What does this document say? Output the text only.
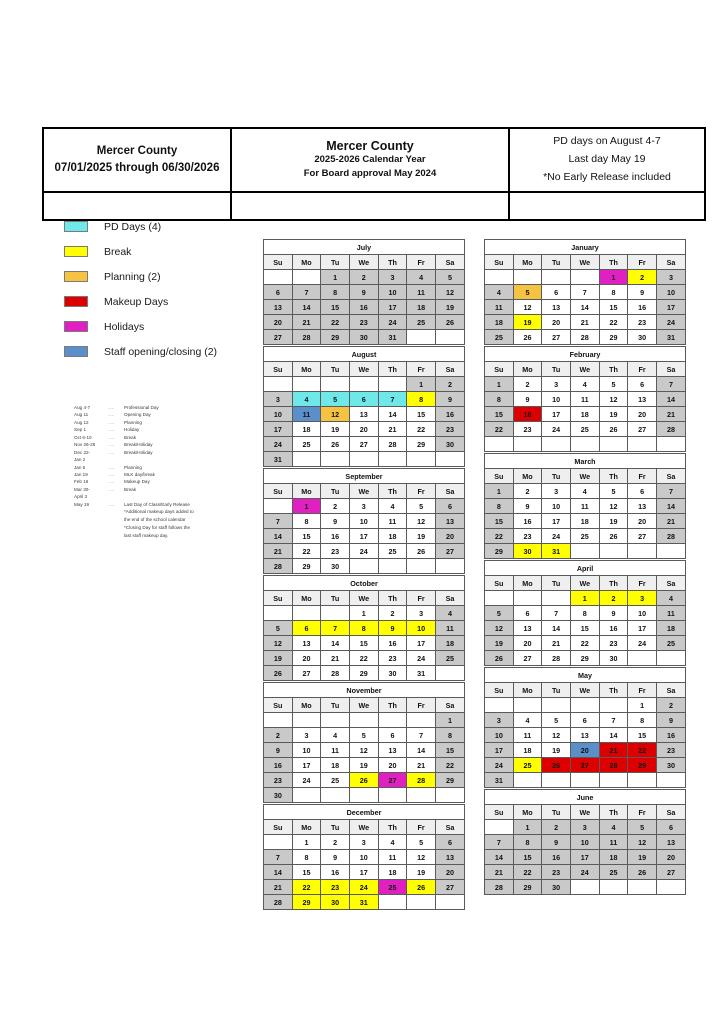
Mercer County
07/01/2025 through 06/30/2026

Mercer County
2025-2026 Calendar Year
For Board approval May 2024

PD days on August 4-7
Last day May 19
*No Early Release included

PD Days (4)
Break
Planning (2)
Makeup Days
Holidays
Staff opening/closing (2)
Aug 4-7	.....	Professional Day
Aug 11	.....	Opening Day
Aug 12	.....	Planning
Sep 1	.....	Holiday
Oct 6-10	.....	Break
Nov 26-28	.....	Break/Holiday
Dec 22-	.....	Break/Holiday
Jan 2
Jan 5	.....	Planning
Jan 19	.....	MLK day/break
Feb 16	.....	Makeup Day
Mar 30-	.....	Break
April 3
May 19	.....	Last Day of Class/Early Release
*Additional makeup days added to
the end of the school calendar
*Closing Day for staff follows the
last staff makeup day.
July						
Su	Mo	Tu	We	Th	Fr	Sa
		1	2	3	4	5
6	7	8	9	10	11	12
13	14	15	16	17	18	19
20	21	22	23	24	25	26
27	28	29	30	31		
August						
Su	Mo	Tu	We	Th	Fr	Sa
					1	2
3	4	5	6	7	8	9
10	11	12	13	14	15	16
17	18	19	20	21	22	23
24	25	26	27	28	29	30
31						
September						
Su	Mo	Tu	We	Th	Fr	Sa
	1	2	3	4	5	6
7	8	9	10	11	12	13
14	15	16	17	18	19	20
21	22	23	24	25	26	27
28	29	30				
October						
Su	Mo	Tu	We	Th	Fr	Sa
			1	2	3	4
5	6	7	8	9	10	11
12	13	14	15	16	17	18
19	20	21	22	23	24	25
26	27	28	29	30	31	
November						
Su	Mo	Tu	We	Th	Fr	Sa
						1
2	3	4	5	6	7	8
9	10	11	12	13	14	15
16	17	18	19	20	21	22
23	24	25	26	27	28	29
30						
December						
Su	Mo	Tu	We	Th	Fr	Sa
	1	2	3	4	5	6
7	8	9	10	11	12	13
14	15	16	17	18	19	20
21	22	23	24	25	26	27
28	29	30	31			
January						
Su	Mo	Tu	We	Th	Fr	Sa
				1	2	3
4	5	6	7	8	9	10
11	12	13	14	15	16	17
18	19	20	21	22	23	24
25	26	27	28	29	30	31
February						
Su	Mo	Tu	We	Th	Fr	Sa
1	2	3	4	5	6	7
8	9	10	11	12	13	14
15	16	17	18	19	20	21
22	23	24	25	26	27	28

March						
Su	Mo	Tu	We	Th	Fr	Sa
1	2	3	4	5	6	7
8	9	10	11	12	13	14
15	16	17	18	19	20	21
22	23	24	25	26	27	28
29	30	31				
April						
Su	Mo	Tu	We	Th	Fr	Sa
			1	2	3	4
5	6	7	8	9	10	11
12	13	14	15	16	17	18
19	20	21	22	23	24	25
26	27	28	29	30		
May						
Su	Mo	Tu	We	Th	Fr	Sa
					1	2
3	4	5	6	7	8	9
10	11	12	13	14	15	16
17	18	19	20	21	22	23
24	25	26	27	28	29	30
31						
June						
Su	Mo	Tu	We	Th	Fr	Sa
	1	2	3	4	5	6
7	8	9	10	11	12	13
14	15	16	17	18	19	20
21	22	23	24	25	26	27
28	29	30				
